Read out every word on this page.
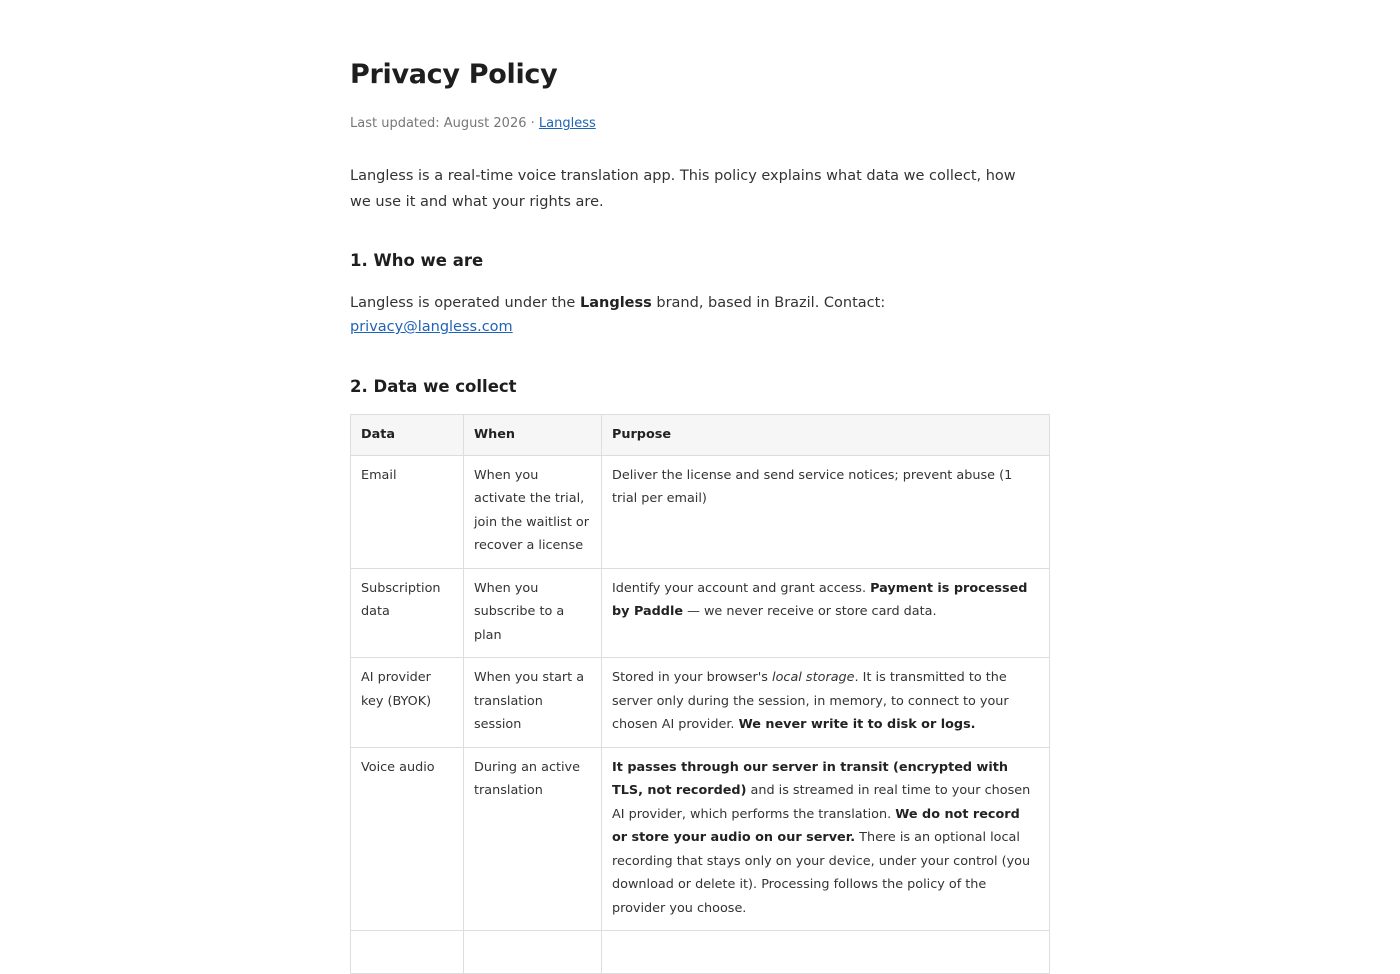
Privacy Policy
Last updated: August 2026 · Langless

Langless is a real-time voice translation app. This policy explains what data we collect, how we use it and what your rights are.

1. Who we are
Langless is operated under the Langless brand, based in Brazil. Contact: privacy@langless.com
2. Data we collect
Data	When	Purpose
Email	When you activate the trial, join the waitlist or recover a license	Deliver the license and send service notices; prevent abuse (1 trial per email)
Subscription data	When you subscribe to a plan	Identify your account and grant access. Payment is processed by Paddle — we never receive or store card data.
AI provider key (BYOK)	When you start a translation session	Stored in your browser's local storage. It is transmitted to the server only during the session, in memory, to connect to your chosen AI provider. We never write it to disk or logs.
Voice audio	During an active translation	It passes through our server in transit (encrypted with TLS, not recorded) and is streamed in real time to your chosen AI provider, which performs the translation. We do not record or store your audio on our server. There is an optional local recording that stays only on your device, under your control (you download or delete it). Processing follows the policy of the provider you choose.
